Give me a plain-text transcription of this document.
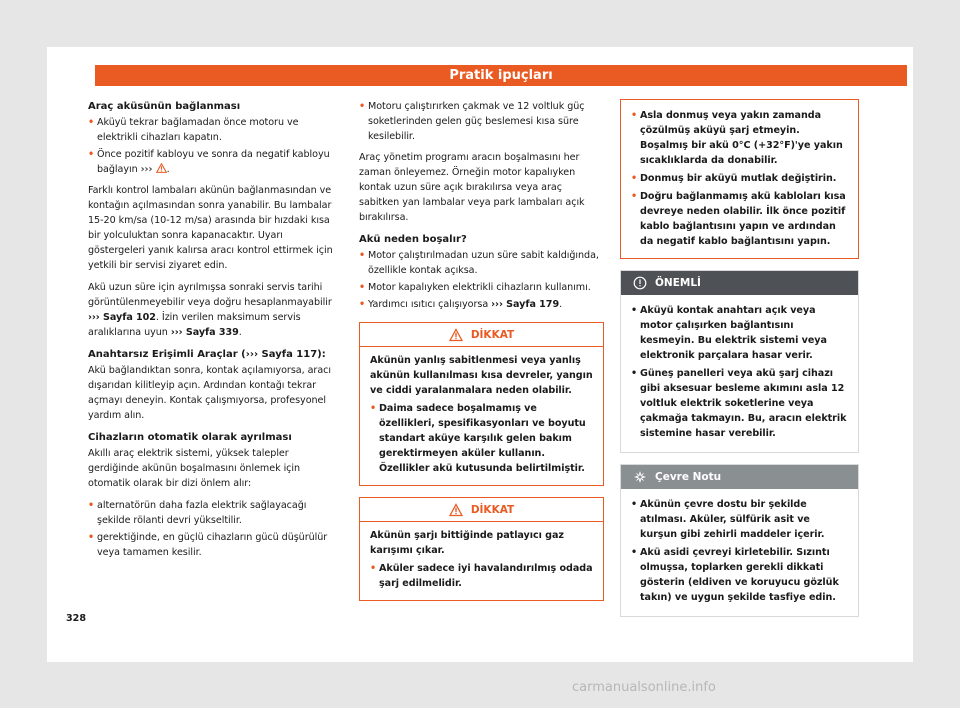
Pratik ipuçları
Araç aküsünün bağlanması
• Aküyü tekrar bağlamadan önce motoru ve elektrikli cihazları kapatın.
• Önce pozitif kabloyu ve sonra da negatif kabloyu bağlayın ››› .

Farklı kontrol lambaları akünün bağlanmasından ve kontağın açılmasından sonra yanabilir. Bu lambalar 15-20 km/sa (10-12 m/sa) arasında bir hızdaki kısa bir yolculuktan sonra kapanacaktır. Uyarı göstergeleri yanık kalırsa aracı kontrol ettirmek için yetkili bir servisi ziyaret edin.

Akü uzun süre için ayrılmışsa sonraki servis tarihi görüntülenmeyebilir veya doğru hesaplanmayabilir ››› Sayfa 102. İzin verilen maksimum servis aralıklarına uyun ››› Sayfa 339.

Anahtarsız Erişimli Araçlar (››› Sayfa 117):

Akü bağlandıktan sonra, kontak açılamıyorsa, aracı dışarıdan kilitleyip açın. Ardından kontağı tekrar açmayı deneyin. Kontak çalışmıyorsa, profesyonel yardım alın.

Cihazların otomatik olarak ayrılması

Akıllı araç elektrik sistemi, yüksek talepler gerdiğinde akünün boşalmasını önlemek için otomatik olarak bir dizi önlem alır:

• alternatörün daha fazla elektrik sağlayacağı şekilde rölanti devri yükseltilir.
• gerektiğinde, en güçlü cihazların gücü düşürülür veya tamamen kesilir.
• Motoru çalıştırırken çakmak ve 12 voltluk güç soketlerinden gelen güç beslemesi kısa süre kesilebilir.

Araç yönetim programı aracın boşalmasını her zaman önleyemez. Örneğin motor kapalıyken kontak uzun süre açık bırakılırsa veya araç sabitken yan lambalar veya park lambaları açık bırakılırsa.

Akü neden boşalır?
• Motor çalıştırılmadan uzun süre sabit kaldığında, özellikle kontak açıksa.
• Motor kapalıyken elektrikli cihazların kullanımı.
• Yardımcı ısıtıcı çalışıyorsa ››› Sayfa 179.
DİKKAT

Akünün yanlış sabitlenmesi veya yanlış akünün kullanılması kısa devreler, yangın ve ciddi yaralanmalara neden olabilir.

• Daima sadece boşalmamış ve özellikleri, spesifikasyonları ve boyutu standart aküye karşılık gelen bakım gerektirmeyen aküler kullanın. Özellikler akü kutusunda belirtilmiştir.
DİKKAT

Akünün şarjı bittiğinde patlayıcı gaz karışımı çıkar.

• Aküler sadece iyi havalandırılmış odada şarj edilmelidir.
• Asla donmuş veya yakın zamanda çözülmüş aküyü şarj etmeyin. Boşalmış bir akü 0°C (+32°F)'ye yakın sıcaklıklarda da donabilir.
• Donmuş bir aküyü mutlak değiştirin.
• Doğru bağlanmamış akü kabloları kısa devreye neden olabilir. İlk önce pozitif kablo bağlantısını yapın ve ardından da negatif kablo bağlantısını yapın.
ÖNEMLİ
• Aküyü kontak anahtarı açık veya motor çalışırken bağlantısını kesmeyin. Bu elektrik sistemi veya elektronik parçalara hasar verir.
• Güneş panelleri veya akü şarj cihazı gibi aksesuar besleme akımını asla 12 voltluk elektrik soketlerine veya çakmağa takmayın. Bu, aracın elektrik sistemine hasar verebilir.
Çevre Notu
• Akünün çevre dostu bir şekilde atılması. Aküler, sülfürik asit ve kurşun gibi zehirli maddeler içerir.
• Akü asidi çevreyi kirletebilir. Sızıntı olmuşsa, toplarken gerekli dikkati gösterin (eldiven ve koruyucu gözlük takın) ve uygun şekilde tasfiye edin.
328
carmanualsonline.info
